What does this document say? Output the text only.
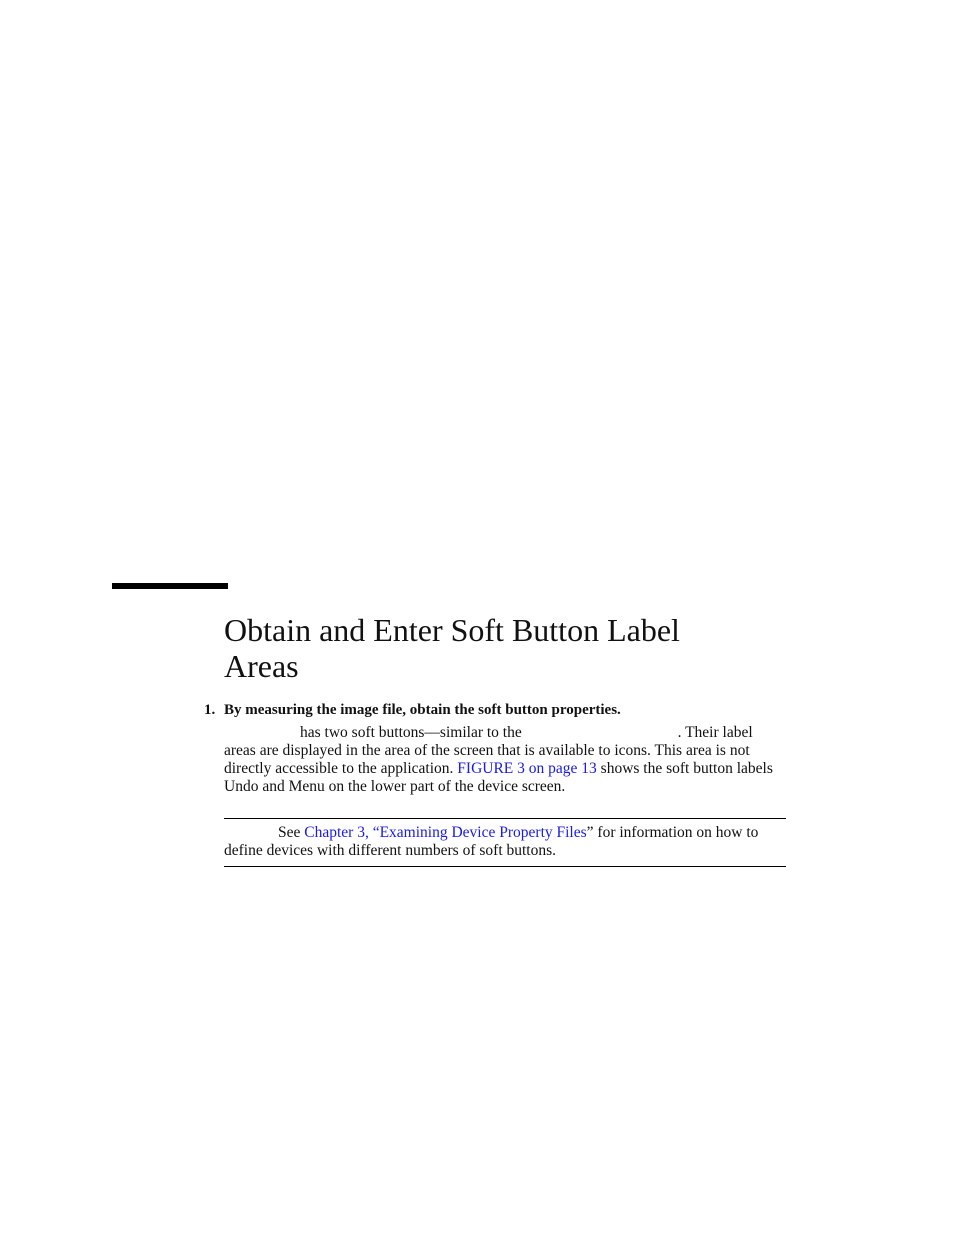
Obtain and Enter Soft Button Label
Areas
1. By measuring the image file, obtain the soft button properties.
has two soft buttons—similar to the	. Their label areas are displayed in the area of the screen that is available to icons. This area is not directly accessible to the application. FIGURE 3 on page 13 shows the soft button labels Undo and Menu on the lower part of the device screen.
See Chapter 3, “Examining Device Property Files” for information on how to define devices with different numbers of soft buttons.
